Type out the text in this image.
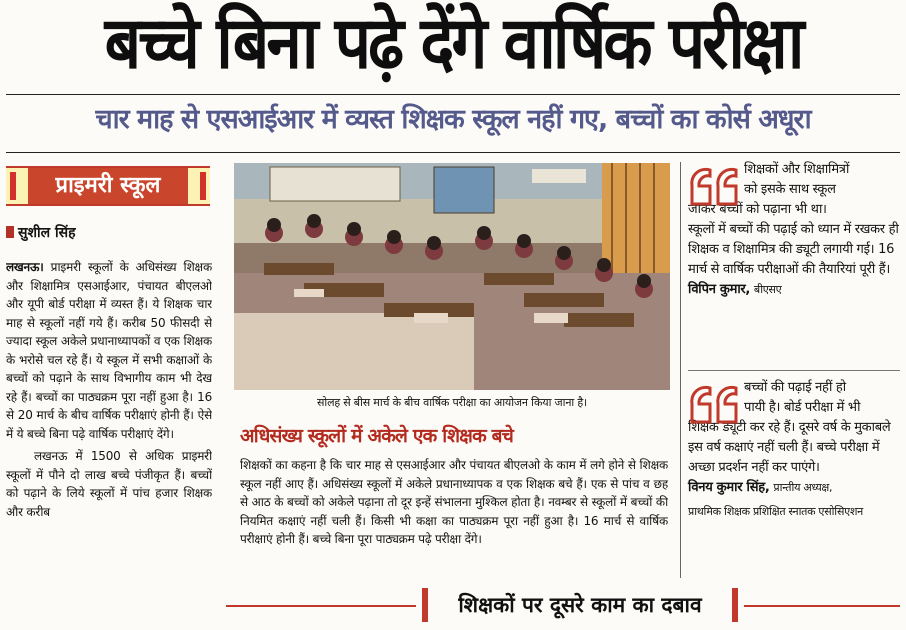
बच्चे बिना पढ़े देंगे वार्षिक परीक्षा
चार माह से एसआईआर में व्यस्त शिक्षक स्कूल नहीं गए, बच्चों का कोर्स अधूरा
प्राइमरी स्कूल
सुशील सिंह

लखनऊ। प्राइमरी स्कूलों के अधिसंख्य शिक्षक और शिक्षामित्र एसआईआर, पंचायत बीएलओ और यूपी बोर्ड परीक्षा में व्यस्त हैं। ये शिक्षक चार माह से स्कूलों नहीं गये हैं। करीब 50 फीसदी से ज्यादा स्कूल अकेले प्रधानाध्यापकों व एक शिक्षक के भरोसे चल रहे हैं। ये स्कूल में सभी कक्षाओं के बच्चों को पढ़ाने के साथ विभागीय काम भी देख रहे हैं। बच्चों का पाठ्यक्रम पूरा नहीं हुआ है। 16 से 20 मार्च के बीच वार्षिक परीक्षाएं होनी हैं। ऐसे में ये बच्चे बिना पढ़े वार्षिक परीक्षाएं देंगे।

लखनऊ में 1500 से अधिक प्राइमरी स्कूलों में पौने दो लाख बच्चे पंजीकृत हैं। बच्चों को पढ़ाने के लिये स्कूलों में पांच हजार शिक्षक और करीब

सोलह से बीस मार्च के बीच वार्षिक परीक्षा का आयोजन किया जाना है।
अधिसंख्य स्कूलों में अकेले एक शिक्षक बचे

शिक्षकों का कहना है कि चार माह से एसआईआर और पंचायत बीएलओ के काम में लगे होने से शिक्षक स्कूल नहीं आए हैं। अधिसंख्य स्कूलों में अकेले प्रधानाध्यापक व एक शिक्षक बचे हैं। एक से पांच व छह से आठ के बच्चों को अकेले पढ़ाना तो दूर इन्हें संभालना मुश्किल होता है। नवम्बर से स्कूलों में बच्चों की नियमित कक्षाएं नहीं चली हैं। किसी भी कक्षा का पाठ्यक्रम पूरा नहीं हुआ है। 16 मार्च से वार्षिक परीक्षाएं होनी हैं। बच्चे बिना पूरा पाठ्यक्रम पढ़े परीक्षा देंगे।

शिक्षकों और शिक्षामित्रों

को इसके साथ स्कूल

जाकर बच्चों को पढ़ाना भी था।

स्कूलों में बच्चों की पढ़ाई को ध्यान में रखकर ही शिक्षक व शिक्षामित्र की ड्यूटी लगायी गई। 16 मार्च से वार्षिक परीक्षाओं की तैयारियां पूरी हैं। विपिन कुमार, बीएसए

बच्चों की पढ़ाई नहीं हो

पायी है। बोर्ड परीक्षा में भी

शिक्षक ड्यूटी कर रहे हैं। दूसरे वर्ष के मुकाबले इस वर्ष कक्षाएं नहीं चली हैं। बच्चे परीक्षा में अच्छा प्रदर्शन नहीं कर पाएंगे।

विनय कुमार सिंह, प्रान्तीय अध्यक्ष,

प्राथमिक शिक्षक प्रशिक्षित स्नातक एसोसिएशन

शिक्षकों पर दूसरे काम का दबाव
